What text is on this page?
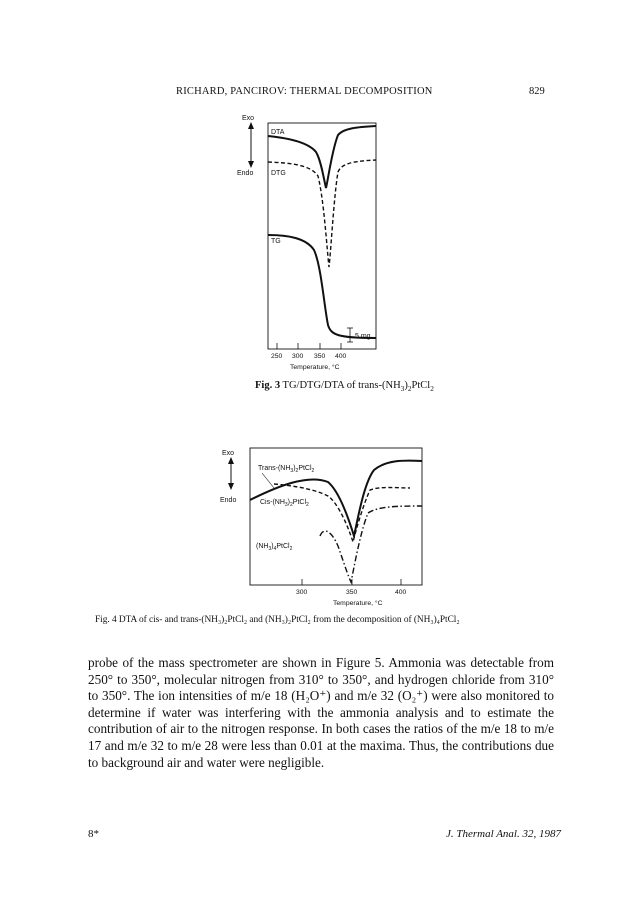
RICHARD, PANCIROV: THERMAL DECOMPOSITION	829
Exo
Endo
DTA
DTG
TG
5 mg
250 300 350 400
Temperature, °C
Fig. 3 TG/DTG/DTA of trans-$(NH_3)_2PtCl_2$
Exo
Endo
Trans-$(NH_3)_2PtCl_2$
Cis-$(NH_3)_2PtCl_2$
$(NH_3)_4PtCl_2$
300	350	400
Temperature, °C
Fig. 4 DTA of cis- and trans-(NH₃)₂PtCl₂ and (NH₃)₂PtCl₂ from the decomposition of (NH₃)₄PtCl₂

probe of the mass spectrometer are shown in Figure 5. Ammonia was detectable from 250° to 350°, molecular nitrogen from 310° to 350°, and hydrogen chloride from 310° to 350°. The ion intensities of m/e 18 (H₂O⁺) and m/e 32 (O₂⁺) were also monitored to determine if water was interfering with the ammonia analysis and to estimate the contribution of air to the nitrogen response. In both cases the ratios of the m/e 18 to m/e 17 and m/e 32 to m/e 28 were less than 0.01 at the maxima. Thus, the contributions due to background air and water were negligible.

8*	J. Thermal Anal. 32, 1987
